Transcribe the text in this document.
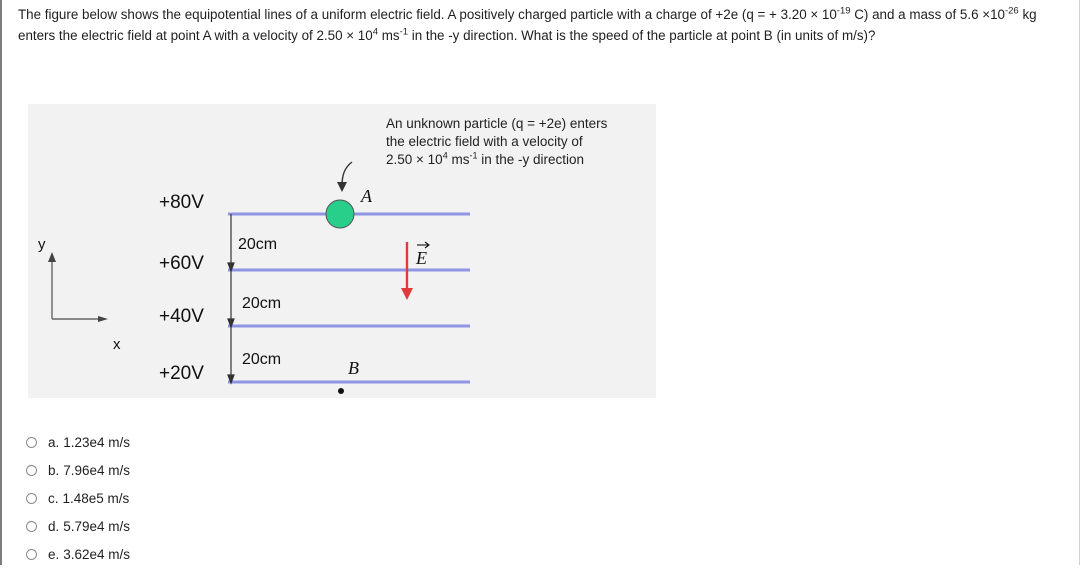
The figure below shows the equipotential lines of a uniform electric field. A positively charged particle with a charge of +2e (q = + $3.20 \times 10^{-19}$ C) and a mass of $5.6 \times 10^{-26}$ kg enters the electric field at point A with a velocity of $2.50 \times 10^4$ $ms^{-1}$ in the -y direction. What is the speed of the particle at point B (in units of m/s)?
y
x
+80V
+60V
+40V
+20V
20cm
20cm
20cm
A
B
E
An unknown particle (q = +2e) enters
the electric field with a velocity of
$2.50 \times 10^4$ $ms^{-1}$ in the -y direction
a. 1.23e4 m/s
b. 7.96e4 m/s
c. 1.48e5 m/s
d. 5.79e4 m/s
e. 3.62e4 m/s
